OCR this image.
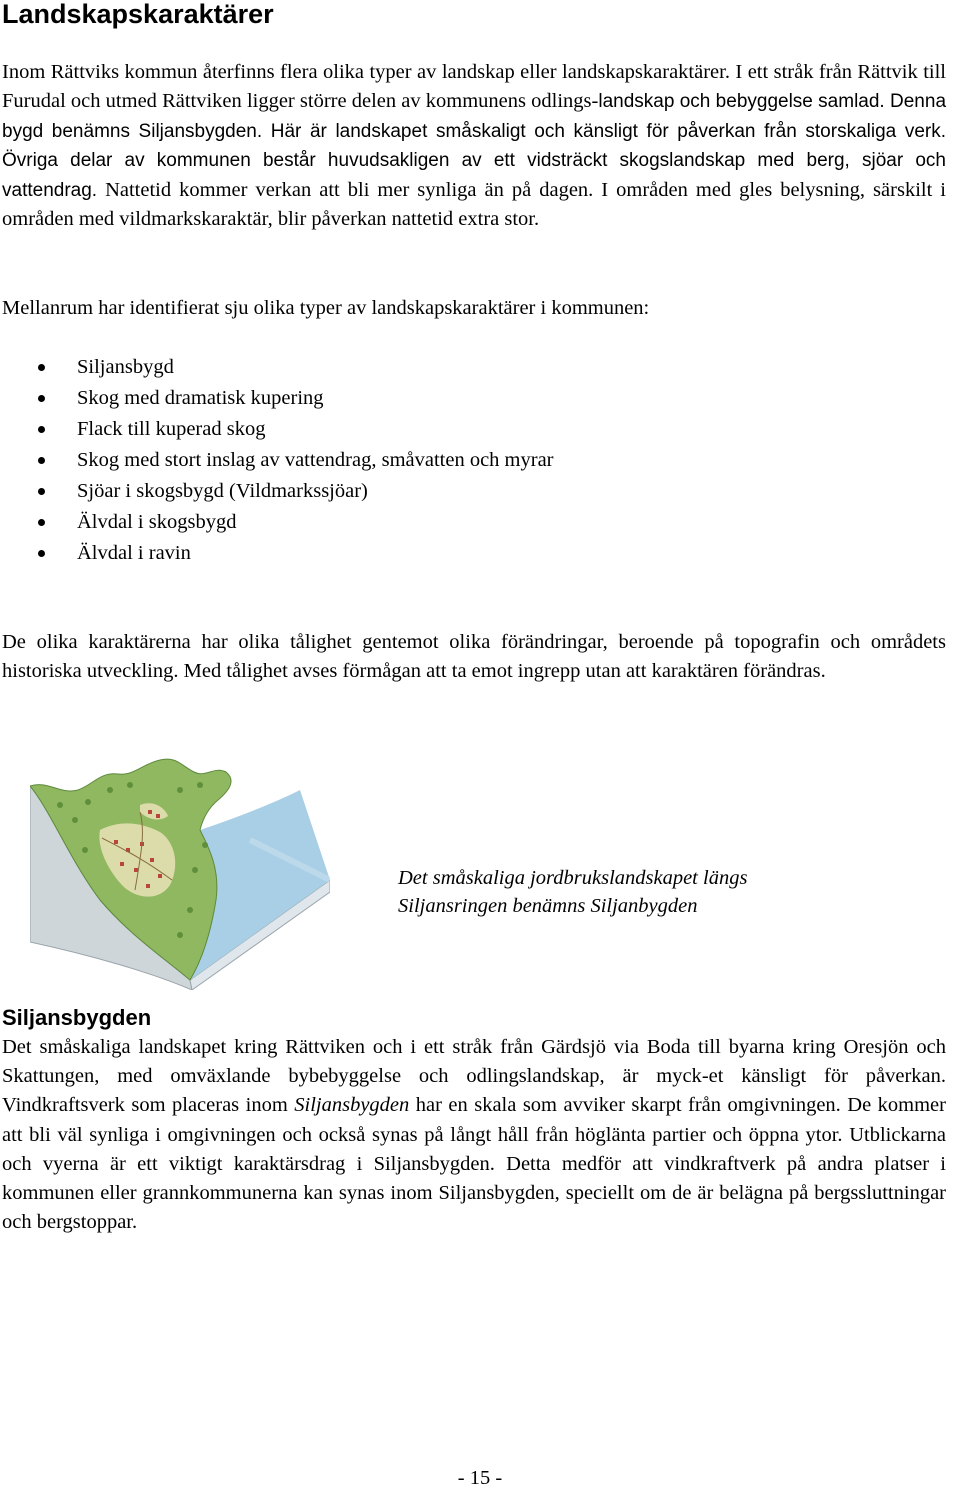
Landskapskaraktärer

Inom Rättviks kommun återfinns flera olika typer av landskap eller landskapskaraktärer. I ett stråk från Rättvik till Furudal och utmed Rättviken ligger större delen av kommunens odlings-landskap och bebyggelse samlad. Denna bygd benämns Siljansbygden. Här är landskapet småskaligt och känsligt för påverkan från storskaliga verk. Övriga delar av kommunen består huvudsakligen av ett vidsträckt skogslandskap med berg, sjöar och vattendrag. Nattetid kommer verkan att bli mer synliga än på dagen. I områden med gles belysning, särskilt i områden med vildmarkskaraktär, blir påverkan nattetid extra stor.

Mellanrum har identifierat sju olika typer av landskapskaraktärer i kommunen:

Siljansbygd
Skog med dramatisk kupering
Flack till kuperad skog
Skog med stort inslag av vattendrag, småvatten och myrar
Sjöar i skogsbygd (Vildmarkssjöar)
Älvdal i skogsbygd
Älvdal i ravin

De olika karaktärerna har olika tålighet gentemot olika förändringar, beroende på topografin och områdets historiska utveckling. Med tålighet avses förmågan att ta emot ingrepp utan att karaktären förändras.

Det småskaliga jordbrukslandskapet längs
Siljansringen benämns Siljanbygden

Siljansbygden

Det småskaliga landskapet kring Rättviken och i ett stråk från Gärdsjö via Boda till byarna kring Oresjön och Skattungen, med omväxlande bybebyggelse och odlingslandskap, är myck-et känsligt för påverkan. Vindkraftsverk som placeras inom Siljansbygden har en skala som avviker skarpt från omgivningen. De kommer att bli väl synliga i omgivningen och också synas på långt håll från höglänta partier och öppna ytor. Utblickarna och vyerna är ett viktigt karaktärsdrag i Siljansbygden. Detta medför att vindkraftverk på andra platser i kommunen eller grannkommunerna kan synas inom Siljansbygden, speciellt om de är belägna på bergssluttningar och bergstoppar.

- 15 -
